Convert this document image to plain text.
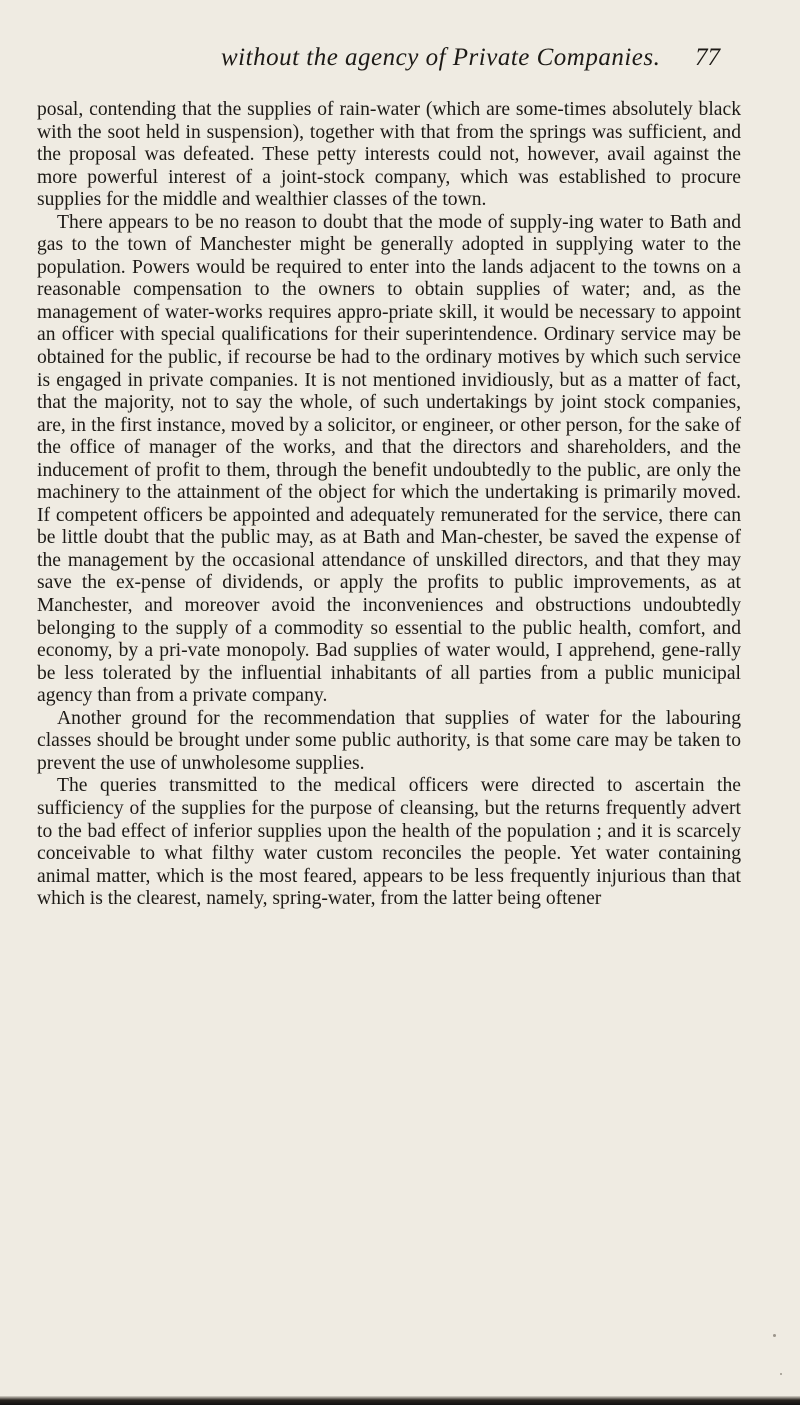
without the agency of Private Companies. 77

posal, contending that the supplies of rain-water (which are some-times absolutely black with the soot held in suspension), together with that from the springs was sufficient, and the proposal was defeated. These petty interests could not, however, avail against the more powerful interest of a joint-stock company, which was established to procure supplies for the middle and wealthier classes of the town.

There appears to be no reason to doubt that the mode of supply-ing water to Bath and gas to the town of Manchester might be generally adopted in supplying water to the population. Powers would be required to enter into the lands adjacent to the towns on a reasonable compensation to the owners to obtain supplies of water; and, as the management of water-works requires appro-priate skill, it would be necessary to appoint an officer with special qualifications for their superintendence. Ordinary service may be obtained for the public, if recourse be had to the ordinary motives by which such service is engaged in private companies. It is not mentioned invidiously, but as a matter of fact, that the majority, not to say the whole, of such undertakings by joint stock companies, are, in the first instance, moved by a solicitor, or engineer, or other person, for the sake of the office of manager of the works, and that the directors and shareholders, and the inducement of profit to them, through the benefit undoubtedly to the public, are only the machinery to the attainment of the object for which the undertaking is primarily moved. If competent officers be appointed and adequately remunerated for the service, there can be little doubt that the public may, as at Bath and Man-chester, be saved the expense of the management by the occasional attendance of unskilled directors, and that they may save the ex-pense of dividends, or apply the profits to public improvements, as at Manchester, and moreover avoid the inconveniences and obstructions undoubtedly belonging to the supply of a commodity so essential to the public health, comfort, and economy, by a pri-vate monopoly. Bad supplies of water would, I apprehend, gene-rally be less tolerated by the influential inhabitants of all parties from a public municipal agency than from a private company.

Another ground for the recommendation that supplies of water for the labouring classes should be brought under some public authority, is that some care may be taken to prevent the use of unwholesome supplies.

The queries transmitted to the medical officers were directed to ascertain the sufficiency of the supplies for the purpose of cleansing, but the returns frequently advert to the bad effect of inferior supplies upon the health of the population ; and it is scarcely conceivable to what filthy water custom reconciles the people. Yet water containing animal matter, which is the most feared, appears to be less frequently injurious than that which is the clearest, namely, spring-water, from the latter being oftener
